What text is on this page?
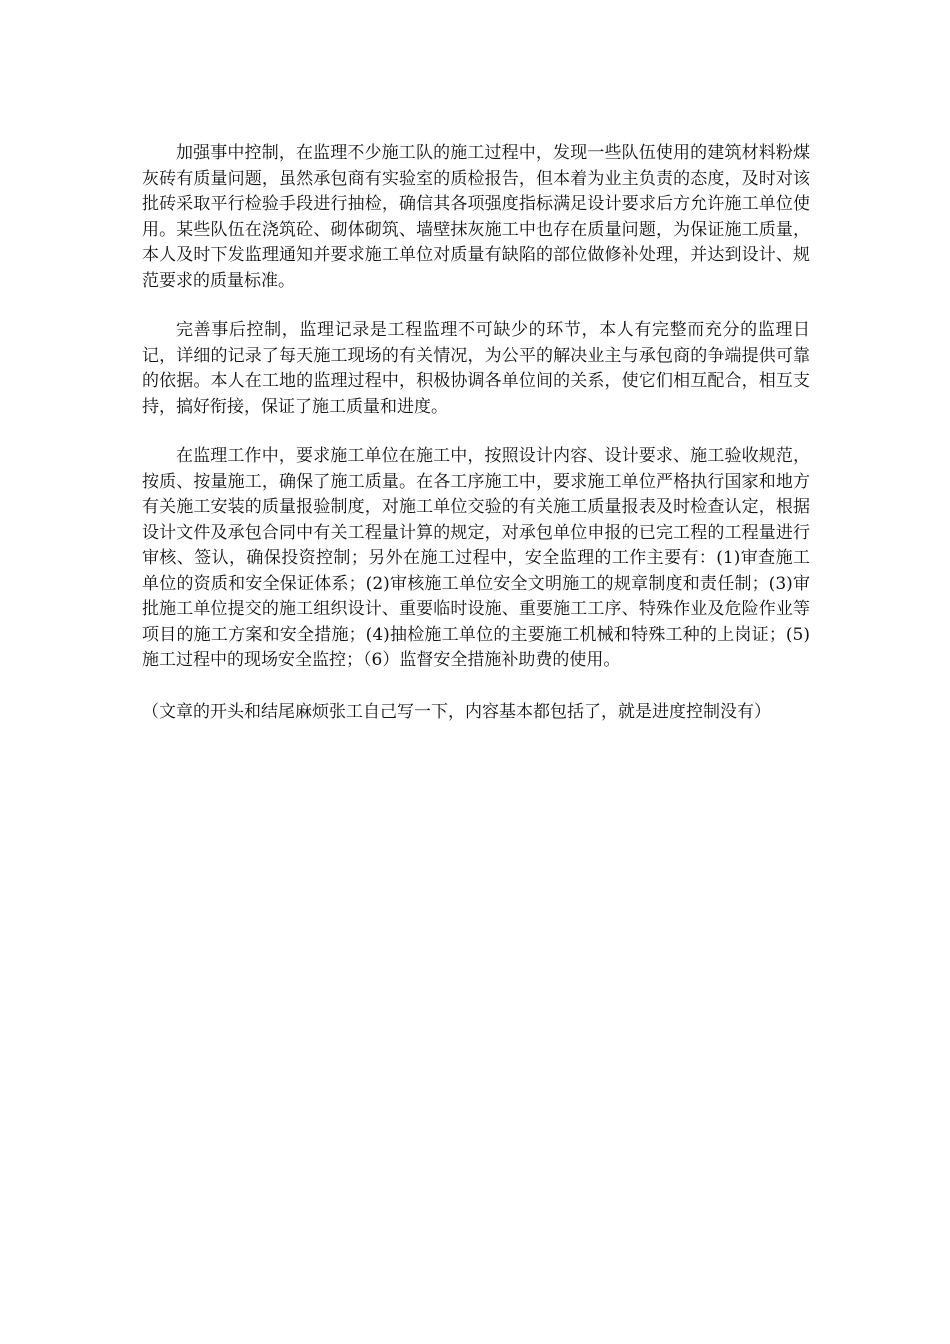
加强事中控制，在监理不少施工队的施工过程中，发现一些队伍使用的建筑材料粉煤灰砖有质量问题，虽然承包商有实验室的质检报告，但本着为业主负责的态度，及时对该批砖采取平行检验手段进行抽检，确信其各项强度指标满足设计要求后方允许施工单位使用。某些队伍在浇筑砼、砌体砌筑、墙壁抹灰施工中也存在质量问题，为保证施工质量，本人及时下发监理通知并要求施工单位对质量有缺陷的部位做修补处理，并达到设计、规范要求的质量标准。

完善事后控制，监理记录是工程监理不可缺少的环节，本人有完整而充分的监理日记，详细的记录了每天施工现场的有关情况，为公平的解决业主与承包商的争端提供可靠的依据。本人在工地的监理过程中，积极协调各单位间的关系，使它们相互配合，相互支持，搞好衔接，保证了施工质量和进度。

在监理工作中，要求施工单位在施工中，按照设计内容、设计要求、施工验收规范，按质、按量施工，确保了施工质量。在各工序施工中，要求施工单位严格执行国家和地方有关施工安装的质量报验制度，对施工单位交验的有关施工质量报表及时检查认定，根据设计文件及承包合同中有关工程量计算的规定，对承包单位申报的已完工程的工程量进行审核、签认，确保投资控制；另外在施工过程中，安全监理的工作主要有：(1)审查施工单位的资质和安全保证体系；(2)审核施工单位安全文明施工的规章制度和责任制；(3)审批施工单位提交的施工组织设计、重要临时设施、重要施工工序、特殊作业及危险作业等项目的施工方案和安全措施；(4)抽检施工单位的主要施工机械和特殊工种的上岗证；(5)施工过程中的现场安全监控；（6）监督安全措施补助费的使用。

（文章的开头和结尾麻烦张工自己写一下，内容基本都包括了，就是进度控制没有）
